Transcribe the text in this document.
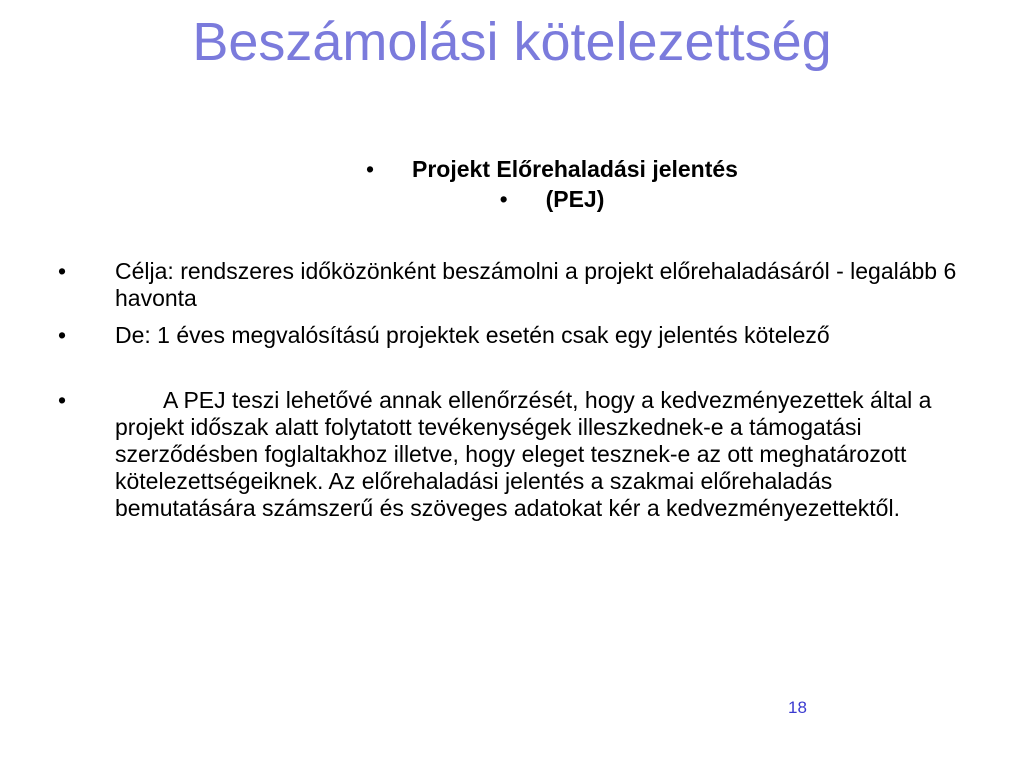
Beszámolási kötelezettség
•	Projekt Előrehaladási jelentés
•	(PEJ)
• Célja: rendszeres időközönként beszámolni a projekt előrehaladásáról - legalább 6 havonta
• De: 1 éves megvalósítású projektek esetén csak egy jelentés kötelező
•	A PEJ teszi lehetővé annak ellenőrzését, hogy a kedvezményezettek által a projekt időszak alatt folytatott tevékenységek illeszkednek-e a támogatási szerződésben foglaltakhoz illetve, hogy eleget tesznek-e az ott meghatározott kötelezettségeiknek. Az előrehaladási jelentés a szakmai előrehaladás bemutatására számszerű és szöveges adatokat kér a kedvezményezettektől.
18
